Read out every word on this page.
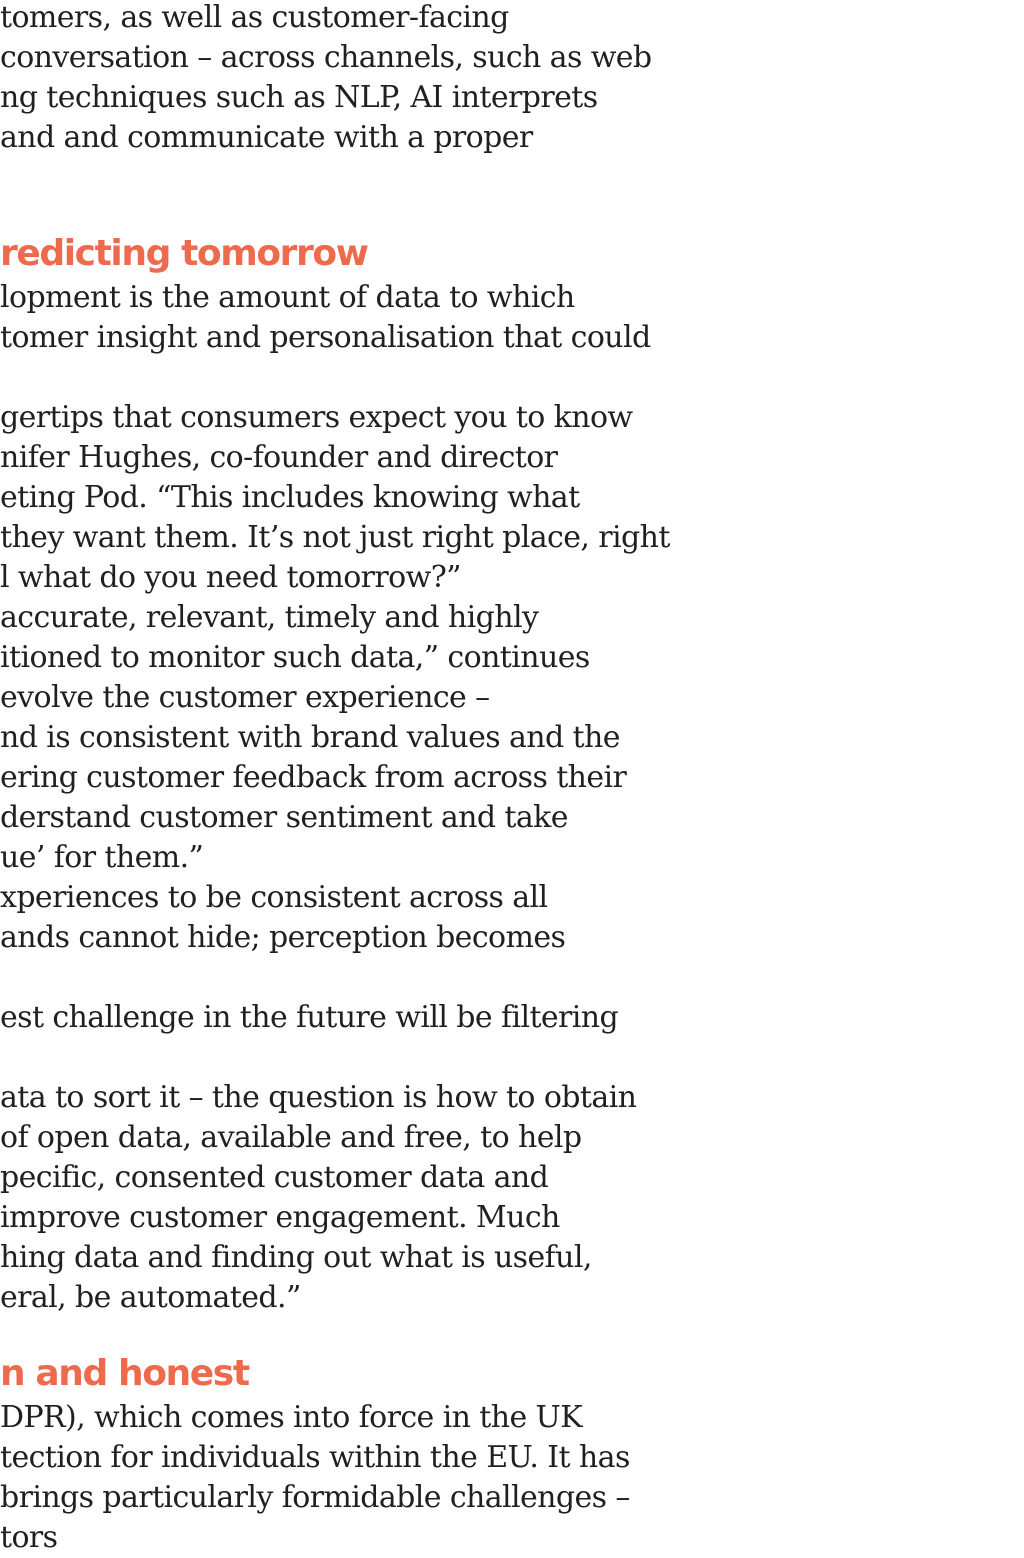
tomers, as well as customer-facing
conversation – across channels, such as web
ng techniques such as NLP, AI interprets
and and communicate with a proper
redicting tomorrow
lopment is the amount of data to which
tomer insight and personalisation that could
gertips that consumers expect you to know
nifer Hughes, co-founder and director
eting Pod. “This includes knowing what
they want them. It’s not just right place, right
l what do you need tomorrow?”
accurate, relevant, timely and highly
itioned to monitor such data,” continues
evolve the customer experience –
nd is consistent with brand values and the
ering customer feedback from across their
derstand customer sentiment and take
ue’ for them.”
xperiences to be consistent across all
ands cannot hide; perception becomes
est challenge in the future will be filtering
ata to sort it – the question is how to obtain
of open data, available and free, to help
pecific, consented customer data and
improve customer engagement. Much
hing data and finding out what is useful,
eral, be automated.”
n and honest
DPR), which comes into force in the UK
tection for individuals within the EU. It has
brings particularly formidable challenges –
tors
